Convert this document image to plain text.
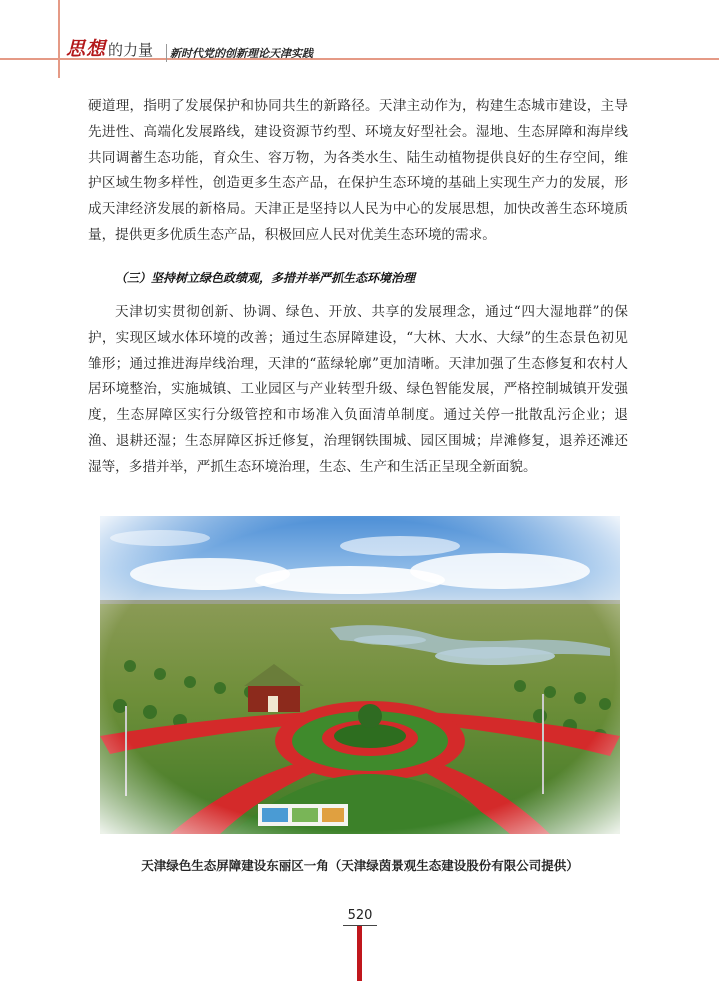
思想 的力量 新时代党的创新理论天津实践
硬道理，指明了发展保护和协同共生的新路径。天津主动作为，构建生态城市建设，主导先进性、高端化发展路线，建设资源节约型、环境友好型社会。湿地、生态屏障和海岸线共同调蓄生态功能，育众生、容万物，为各类水生、陆生动植物提供良好的生存空间，维护区域生物多样性，创造更多生态产品，在保护生态环境的基础上实现生产力的发展，形成天津经济发展的新格局。天津正是坚持以人民为中心的发展思想，加快改善生态环境质量，提供更多优质生态产品，积极回应人民对优美生态环境的需求。
（三）坚持树立绿色政绩观，多措并举严抓生态环境治理
天津切实贯彻创新、协调、绿色、开放、共享的发展理念，通过“四大湿地群”的保护，实现区域水体环境的改善；通过生态屏障建设，“大林、大水、大绿”的生态景色初见雏形；通过推进海岸线治理，天津的“蓝绿轮廓”更加清晰。天津加强了生态修复和农村人居环境整治，实施城镇、工业园区与产业转型升级、绿色智能发展，严格控制城镇开发强度，生态屏障区实行分级管控和市场准入负面清单制度。通过关停一批散乱污企业；退渔、退耕还湿；生态屏障区拆迁修复，治理钢铁围城、园区围城；岸滩修复，退养还滩还湿等，多措并举，严抓生态环境治理，生态、生产和生活正呈现全新面貌。
天津绿色生态屏障建设东丽区一角（天津绿茵景观生态建设股份有限公司提供）
520
